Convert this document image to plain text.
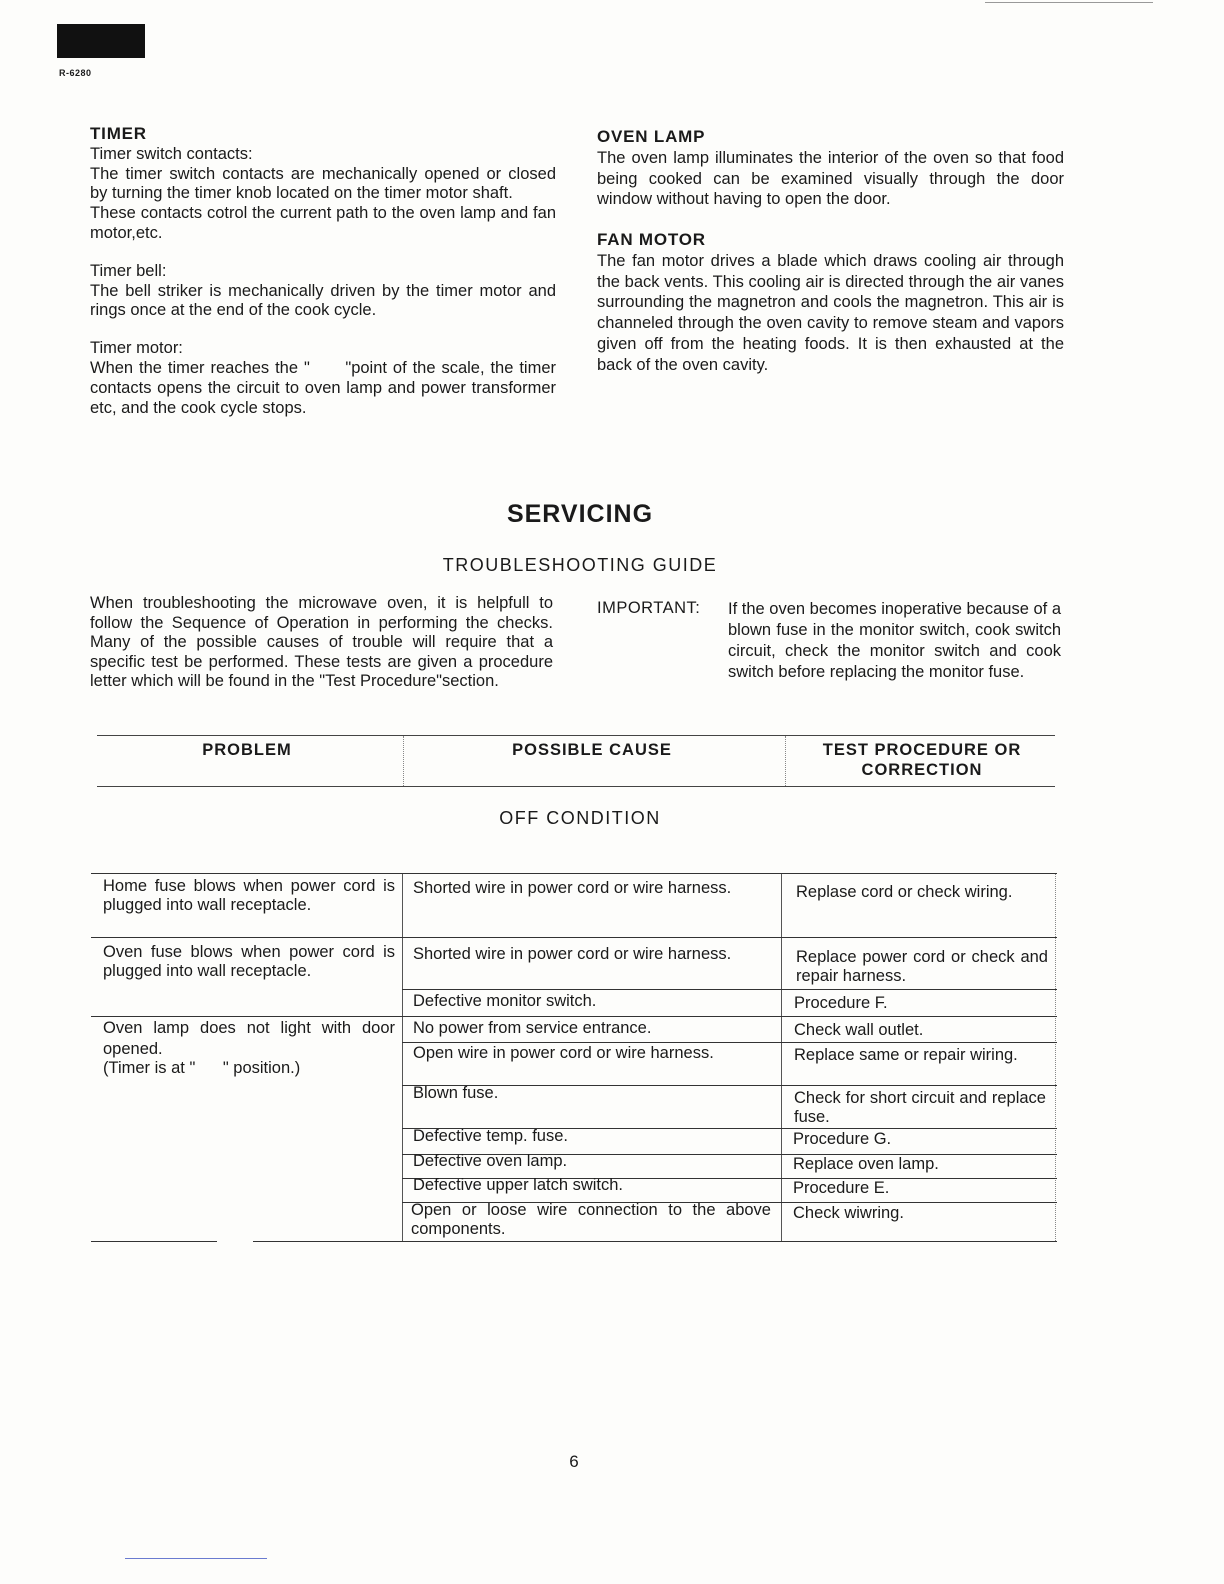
R-6280
TIMER

Timer switch contacts:

The timer switch contacts are mechanically opened or closed by turning the timer knob located on the timer motor shaft.

These contacts cotrol the current path to the oven lamp and fan motor,etc.

Timer bell:

The bell striker is mechanically driven by the timer motor and rings once at the end of the cook cycle.

Timer motor:

When the timer reaches the "      "point of the scale, the timer contacts opens the circuit to oven lamp and power transformer etc, and the cook cycle stops.

OVEN LAMP

The oven lamp illuminates the interior of the oven so that food being cooked can be examined visually through the door window without having to open the door.

FAN MOTOR

The fan motor drives a blade which draws cooling air through the back vents. This cooling air is directed through the air vanes surrounding the magnetron and cools the magnetron. This air is channeled through the oven cavity to remove steam and vapors given off from the heating foods. It is then exhausted at the back of the oven cavity.

SERVICING
TROUBLESHOOTING GUIDE
When troubleshooting the microwave oven, it is helpfull to follow the Sequence of Operation in performing the checks. Many of the possible causes of trouble will require that a specific test be performed. These tests are given a procedure letter which will be found in the "Test Procedure"section.
IMPORTANT: If the oven becomes inoperative because of a blown fuse in the monitor switch, cook switch circuit, check the monitor switch and cook switch before replacing the monitor fuse.
PROBLEM	POSSIBLE CAUSE	TEST PROCEDURE OR CORRECTION
OFF CONDITION
Home fuse blows when power cord is plugged into wall receptacle.
Oven fuse blows when power cord is plugged into wall receptacle.
Oven lamp does not light with door opened.
(Timer is at "      " position.)
Shorted wire in power cord or wire harness.
Shorted wire in power cord or wire harness.
Defective monitor switch.
No power from service entrance.
Open wire in power cord or wire harness.
Blown fuse.
Defective temp. fuse.
Defective oven lamp.
Defective upper latch switch.
Open or loose wire connection to the above components.
Replase cord or check wiring.
Replace power cord or check and repair harness.
Procedure F.
Check wall outlet.
Replace same or repair wiring.
Check for short circuit and replace fuse.
Procedure G.
Replace oven lamp.
Procedure E.
Check wiwring.
6
